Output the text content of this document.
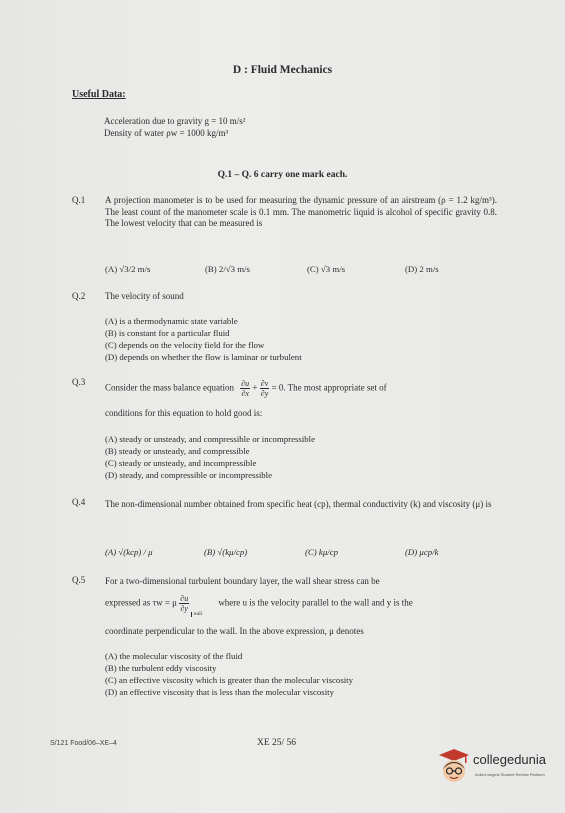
D : Fluid Mechanics
Useful Data:
Acceleration due to gravity g = 10 m/s²
Density of water ρw = 1000 kg/m³
Q.1 – Q. 6 carry one mark each.
Q.1 A projection manometer is to be used for measuring the dynamic pressure of an airstream (ρ = 1.2 kg/m³). The least count of the manometer scale is 0.1 mm. The manometric liquid is alcohol of specific gravity 0.8. The lowest velocity that can be measured is
(A) √3/2 m/s	(B) 2/√3 m/s	(C) √3 m/s	(D) 2 m/s
Q.2 The velocity of sound
(A) is a thermodynamic state variable
(B) is constant for a particular fluid
(C) depends on the velocity field for the flow
(D) depends on whether the flow is laminar or turbulent
Q.3
Consider the mass balance equation $\frac{\partial u}{\partial x} + \frac{\partial v}{\partial y} = 0$. The most appropriate set of
conditions for this equation to hold good is:
(A) steady or unsteady, and compressible or incompressible
(B) steady or unsteady, and compressible
(C) steady or unsteady, and incompressible
(D) steady, and compressible or incompressible
Q.4 The non-dimensional number obtained from specific heat (cp), thermal conductivity (k) and viscosity (μ) is
(A) √(kcp) / μ	(B) √(kμ/cp)	(C) kμ/cp	(D) μcp/k
Q.5 For a two-dimensional turbulent boundary layer, the wall shear stress can be
expressed as τw = μ $\frac{\partial u}{\partial y}$
$_{wall}$ where u is the velocity parallel to the wall and y is the
coordinate perpendicular to the wall. In the above expression, μ denotes
(A) the molecular viscosity of the fluid
(B) the turbulent eddy viscosity
(C) an effective viscosity which is greater than the molecular viscosity
(D) an effective viscosity that is less than the molecular viscosity
S/121 Food/06–XE–4	XE 25/ 56
collegedunia
India's largest Student Review Platform
